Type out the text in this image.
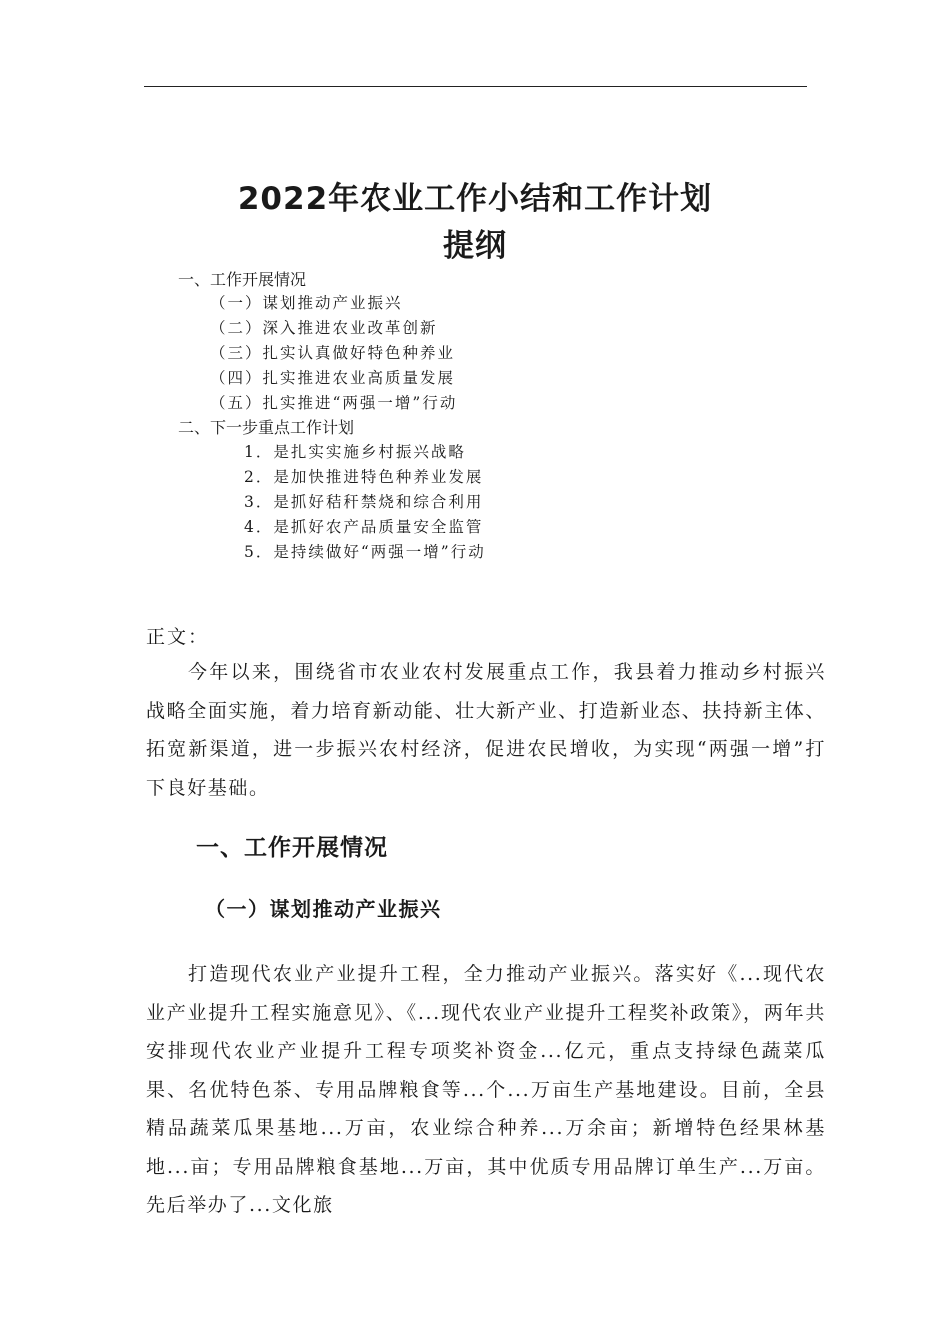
2022年农业工作小结和工作计划
提纲
一、工作开展情况
（一）谋划推动产业振兴
（二）深入推进农业改革创新
（三）扎实认真做好特色种养业
（四）扎实推进农业高质量发展
（五）扎实推进“两强一增”行动
二、下一步重点工作计划
1．是扎实实施乡村振兴战略
2．是加快推进特色种养业发展
3．是抓好秸秆禁烧和综合利用
4．是抓好农产品质量安全监管
5．是持续做好“两强一增”行动
正文：

今年以来，围绕省市农业农村发展重点工作，我县着力推动乡村振兴战略全面实施，着力培育新动能、壮大新产业、打造新业态、扶持新主体、拓宽新渠道，进一步振兴农村经济，促进农民增收，为实现“两强一增”打下良好基础。

一、工作开展情况
（一）谋划推动产业振兴

打造现代农业产业提升工程，全力推动产业振兴。落实好《...现代农业产业提升工程实施意见》、《...现代农业产业提升工程奖补政策》，两年共安排现代农业产业提升工程专项奖补资金...亿元，重点支持绿色蔬菜瓜果、名优特色茶、专用品牌粮食等...个...万亩生产基地建设。目前，全县精品蔬菜瓜果基地...万亩，农业综合种养...万余亩；新增特色经果林基地...亩；专用品牌粮食基地...万亩，其中优质专用品牌订单生产...万亩。先后举办了...文化旅
